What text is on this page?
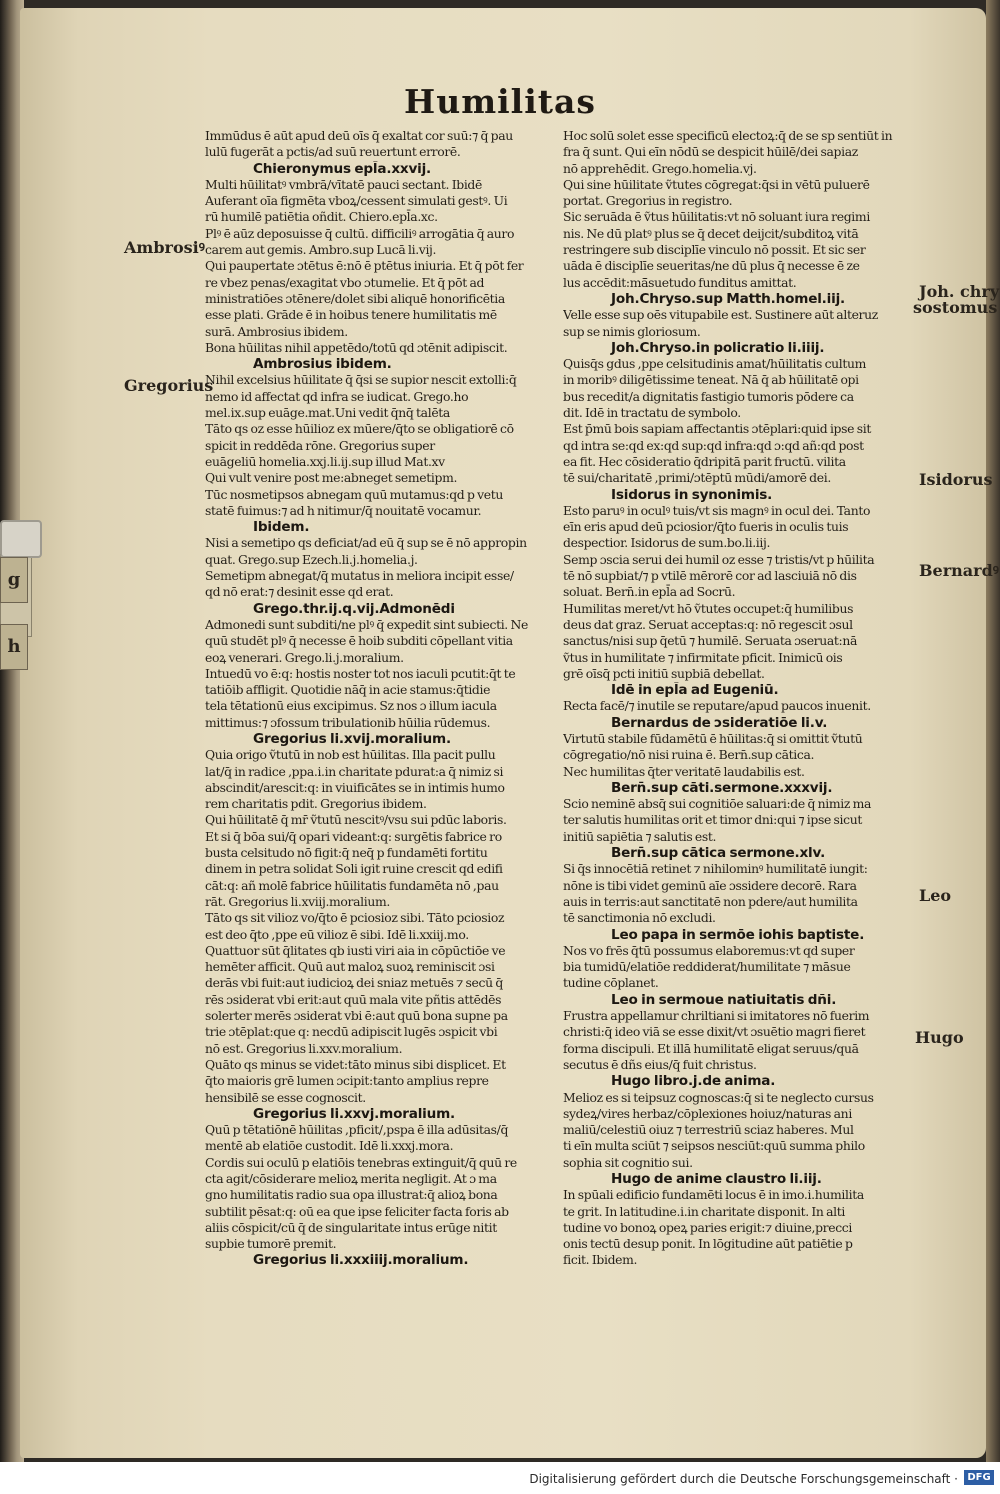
g
h
Humilitas

Immūdus ē aūt apud deū oīs q̄ exaltat cor suū:⁊ q̄ pau

lulū fugerāt a pctis/ad suū reuertunt errorē.

Chieronymus epl̄a.xxvij.

Multi hūilitatꝰ vmbrā/vītatē pauci sectant. Ibidē

Auferant oīa figmēta vboꝝ/cessent simulati gestꝰ. Ui

rū humilē patiētia oñdit. Chiero.epl̄a.xc.

Plꝰ ē aūz deposuisse q̄ cultū. difficiliꝰ arrogātia q̄ auro

carem aut gemis. Ambro.sup Lucā li.vij.

Qui paupertate ɔtētus ē:nō ē ptētus iniuria. Et q̄ pōt fer

re vbez penas/exagitat vbo ɔtumelie. Et q̄ pōt ad

ministratiōes ɔtēnere/dolet sibi aliquē honorificētia

esse plati. Grāde ē in hoibus tenere humilitatis mē

surā. Ambrosius ibidem.

Bona hūilitas nihil appetēdo/totū qd ɔtēnit adipiscit.

Ambrosius ibidem.

Nihil excelsius hūilitate q̄ q̄si se supior nescit extolli:q̄

nemo id affectat qd infra se iudicat. Grego.ho

mel.ix.sup euāge.mat.Uni vedit q̄nq̄ talēta

Tāto qs oz esse hūilioz ex mūere/q̄to se obligatiorē cō

spicit in reddēda rōne. Gregorius super

euāgeliū homelia.xxj.li.ij.sup illud Mat.xv

Qui vult venire post me:abneget semetipm.

Tūc nosmetipsos abnegam quū mutamus:qd p vetu

statē fuimus:⁊ ad h nitimur/q̄ nouitatē vocamur.

Ibidem.

Nisi a semetipo qs deficiat/ad eū q̄ sup se ē nō appropin

quat. Grego.sup Ezech.li.j.homelia.j.

Semetipm abnegat/q̄ mutatus in meliora incipit esse/

qd nō erat:⁊ desinit esse qd erat.

Grego.thr.ij.q.vij.Admonēdi

Admonedi sunt subditi/ne plꝰ q̄ expedit sint subiecti. Ne

quū studēt plꝰ q̄ necesse ē hoib subditi cōpellant vitia

eoꝝ venerari. Grego.li.j.moralium.

Intuedū vo ē:q: hostis noster tot nos iaculi pcutit:q̄t te

tatiōib affligit. Quotidie nāq̄ in acie stamus:q̄tidie

tela tētationū eius excipimus. Sz nos ɔ illum iacula

mittimus:⁊ ɔfossum tribulationib hūilia rūdemus.

Gregorius li.xvij.moralium.

Quia origo ṽtutū in nob est hūilitas. Illa pacit pullu

lat/q̄ in radice ,ppa.i.in charitate pdurat:a q̄ nimiz si

abscindit/arescit:q: in viuificātes se in intimis humo

rem charitatis pdit. Gregorius ibidem.

Qui hūilitatē q̄ mr̄ ṽtutū nescitꝰ/vsu sui pdūc laboris.

Et si q̄ bōa sui/q̄ opari videant:q: surgētis fabrice ro

busta celsitudo nō figit:q̄ neq̄ p fundamēti fortitu

dinem in petra solidat Soli igit ruine crescit qd edifi

cāt:q: añ molē fabrice hūilitatis fundamēta nō ,pau

rāt. Gregorius li.xviij.moralium.

Tāto qs sit vilioz vo/q̄to ē pciosioz sibi. Tāto pciosioz

est deo q̄to ,ppe eū vilioz ē sibi. Idē li.xxiij.mo.

Quattuor sūt q̄litates qb iusti viri aia in cōpūctiōe ve

hemēter afficit. Quū aut maloꝝ suoꝝ reminiscit ɔsi

derās vbi fuit:aut iudicioꝝ dei sniaz metuēs ⁊ secū q̄

rēs ɔsiderat vbi erit:aut quū mala vite pñtis attēdēs

solerter merēs ɔsiderat vbi ē:aut quū bona supne pa

trie ɔtēplat:que q: necdū adipiscit lugēs ɔspicit vbi

nō est. Gregorius li.xxv.moralium.

Quāto qs minus se videt:tāto minus sibi displicet. Et

q̄to maioris grē lumen ɔcipit:tanto amplius repre

hensibilē se esse cognoscit.

Gregorius li.xxvj.moralium.

Quū p tētatiōnē hūilitas ,pficit/,pspa ē illa adūsitas/q̄

mentē ab elatiōe custodit. Idē li.xxxj.mora.

Cordis sui oculū p elatiōis tenebras extinguit/q̄ quū re

cta agit/cōsiderare melioꝝ merita negligit. At ɔ ma

gno humilitatis radio sua opa illustrat:q̄ alioꝝ bona

subtilit pēsat:q: oū ea que ipse feliciter facta foris ab

aliis cōspicit/cū q̄ de singularitate intus erūge nitit

supbie tumorē premit.

Gregorius li.xxxiiij.moralium.

Hoc solū solet esse specificū electoꝝ:q̄ de se sp sentiūt in

fra q̄ sunt. Qui eīn nōdū se despicit hūilē/dei sapiaz

nō apprehēdit. Grego.homelia.vj.

Qui sine hūilitate ṽtutes cōgregat:q̄si in vētū puluerē

portat. Gregorius in registro.

Sic seruāda ē ṽtus hūilitatis:vt nō soluant iura regimi

nis. Ne dū platꝰ plus se q̄ decet deijcit/subditoꝝ vitā

restringere sub disciplīe vinculo nō possit. Et sic ser

uāda ē disciplīe seueritas/ne dū plus q̄ necesse ē ze

lus accēdit:mā̄suetudo funditus amittat.

Joh.Chryso.sup Matth.homel.iij.

Velle esse sup oēs vitupabile est. Sustinere aūt alteruz

sup se nimis gloriosum.

Joh.Chryso.in policratio li.iiij.

Quisq̄s gdus ,ppe celsitudinis amat/hūilitatis cultum

in moribꝰ diligētissime teneat. Nā q̄ ab hūilitatē opi

bus recedit/a dignitatis fastigio tumoris pōdere ca

dit. Idē in tractatu de symbolo.

Est p̄mū bois sapiam affectantis ɔtēplari:quid ipse sit

qd intra se:qd ex:qd sup:qd infra:qd ɔ:qd añ:qd post

ea fit. Hec cōsideratio q̄dripitā parit fructū. vilita

tē sui/charitatē ,primi/ɔtēptū mūdi/amorē dei.

Isidorus in synonimis.

Esto paruꝰ in oculꝰ tuis/vt sis magnꝰ in ocul dei. Tanto

eīn eris apud deū pciosior/q̄to fueris in oculis tuis

despectior. Isidorus de sum.bo.li.iij.

Semp ɔscia serui dei humil oz esse ⁊ tristis/vt p hūilita

tē nō supbiat/⁊ p vtilē mērorē cor ad lasciuiā nō dis

soluat. Bern̄.in epl̄a ad Socrū.

Humilitas meret/vt hō ṽtutes occupet:q̄ humilibus

deus dat graz. Seruat acceptas:q: nō regescit ɔsul

sanctus/nisi sup q̄etū ⁊ humilē. Seruata ɔseruat:nā

ṽtus in humilitate ⁊ infirmitate pficit. Inimicū ois

grē oīsq̄ pcti initiū supbiā debellat.

Idē in epl̄a ad Eugeniū.

Recta facē/⁊ inutile se reputare/apud paucos inuenit.

Bernardus de ɔsideratiōe li.v.

Virtutū stabile fūdamētū ē hūilitas:q̄ si omittit ṽtutū

cōgregatio/nō nisi ruina ē. Bern̄.sup cātica.

Nec humilitas q̄ter veritatē laudabilis est.

Bern̄.sup cāti.sermone.xxxvij.

Scio neminē absq̄ sui cognitiōe saluari:de q̄ nimiz ma

ter salutis humilitas orit et timor dni:qui ⁊ ipse sicut

initiū sapiētia ⁊ salutis est.

Bern̄.sup cātica sermone.xlv.

Si q̄s innocētiā retinet ⁊ nihilominꝰ humilitatē iungit:

nōne is tibi videt geminū aīe ɔssidere decorē. Rara

auis in terris:aut sanctitatē non pdere/aut humilita

tē sanctimonia nō excludi.

Leo papa in sermōe iohis baptiste.

Nos vo frēs q̄tū possumus elaboremus:vt qd super

bia tumidū/elatiōe reddiderat/humilitate ⁊ māsue

tudine cōplanet.

Leo in sermoue natiuitatis dñi.

Frustra appellamur chriltiani si imitatores nō fuerim

christi:q̄ ideo viā se esse dixit/vt ɔsuētio magri fieret

forma discipuli. Et illā humilitatē eligat seruus/quā

secutus ē dñs eius/q̄ fuit christus.

Hugo libro.j.de anima.

Melioz es si teipsuz cognoscas:q̄ si te neglecto cursus

sydeꝝ/vires herbaz/cōplexiones hoiuz/naturas ani

maliū/celestiū oiuz ⁊ terrestriū sciaz haberes. Mul

ti eīn multa sciūt ⁊ seipsos nesciūt:quū summa philo

sophia sit cognitio sui.

Hugo de anime claustro li.iij.

In spūali edificio fundamēti locus ē in imo.i.humilita

te grit. In latitudine.i.in charitate disponit. In alti

tudine vo bonoꝝ opeꝝ paries erigit:⁊ diuine,precci

onis tectū desup ponit. In lōgitudine aūt patiētie p

ficit. Ibidem.

Ambrosiꝰ
Gregorius
Joh. chry
sostomus
Isidorus
Bernardꝰ
Leo
Hugo
Digitalisierung gefördert durch die Deutsche Forschungsgemeinschaft · DFG
